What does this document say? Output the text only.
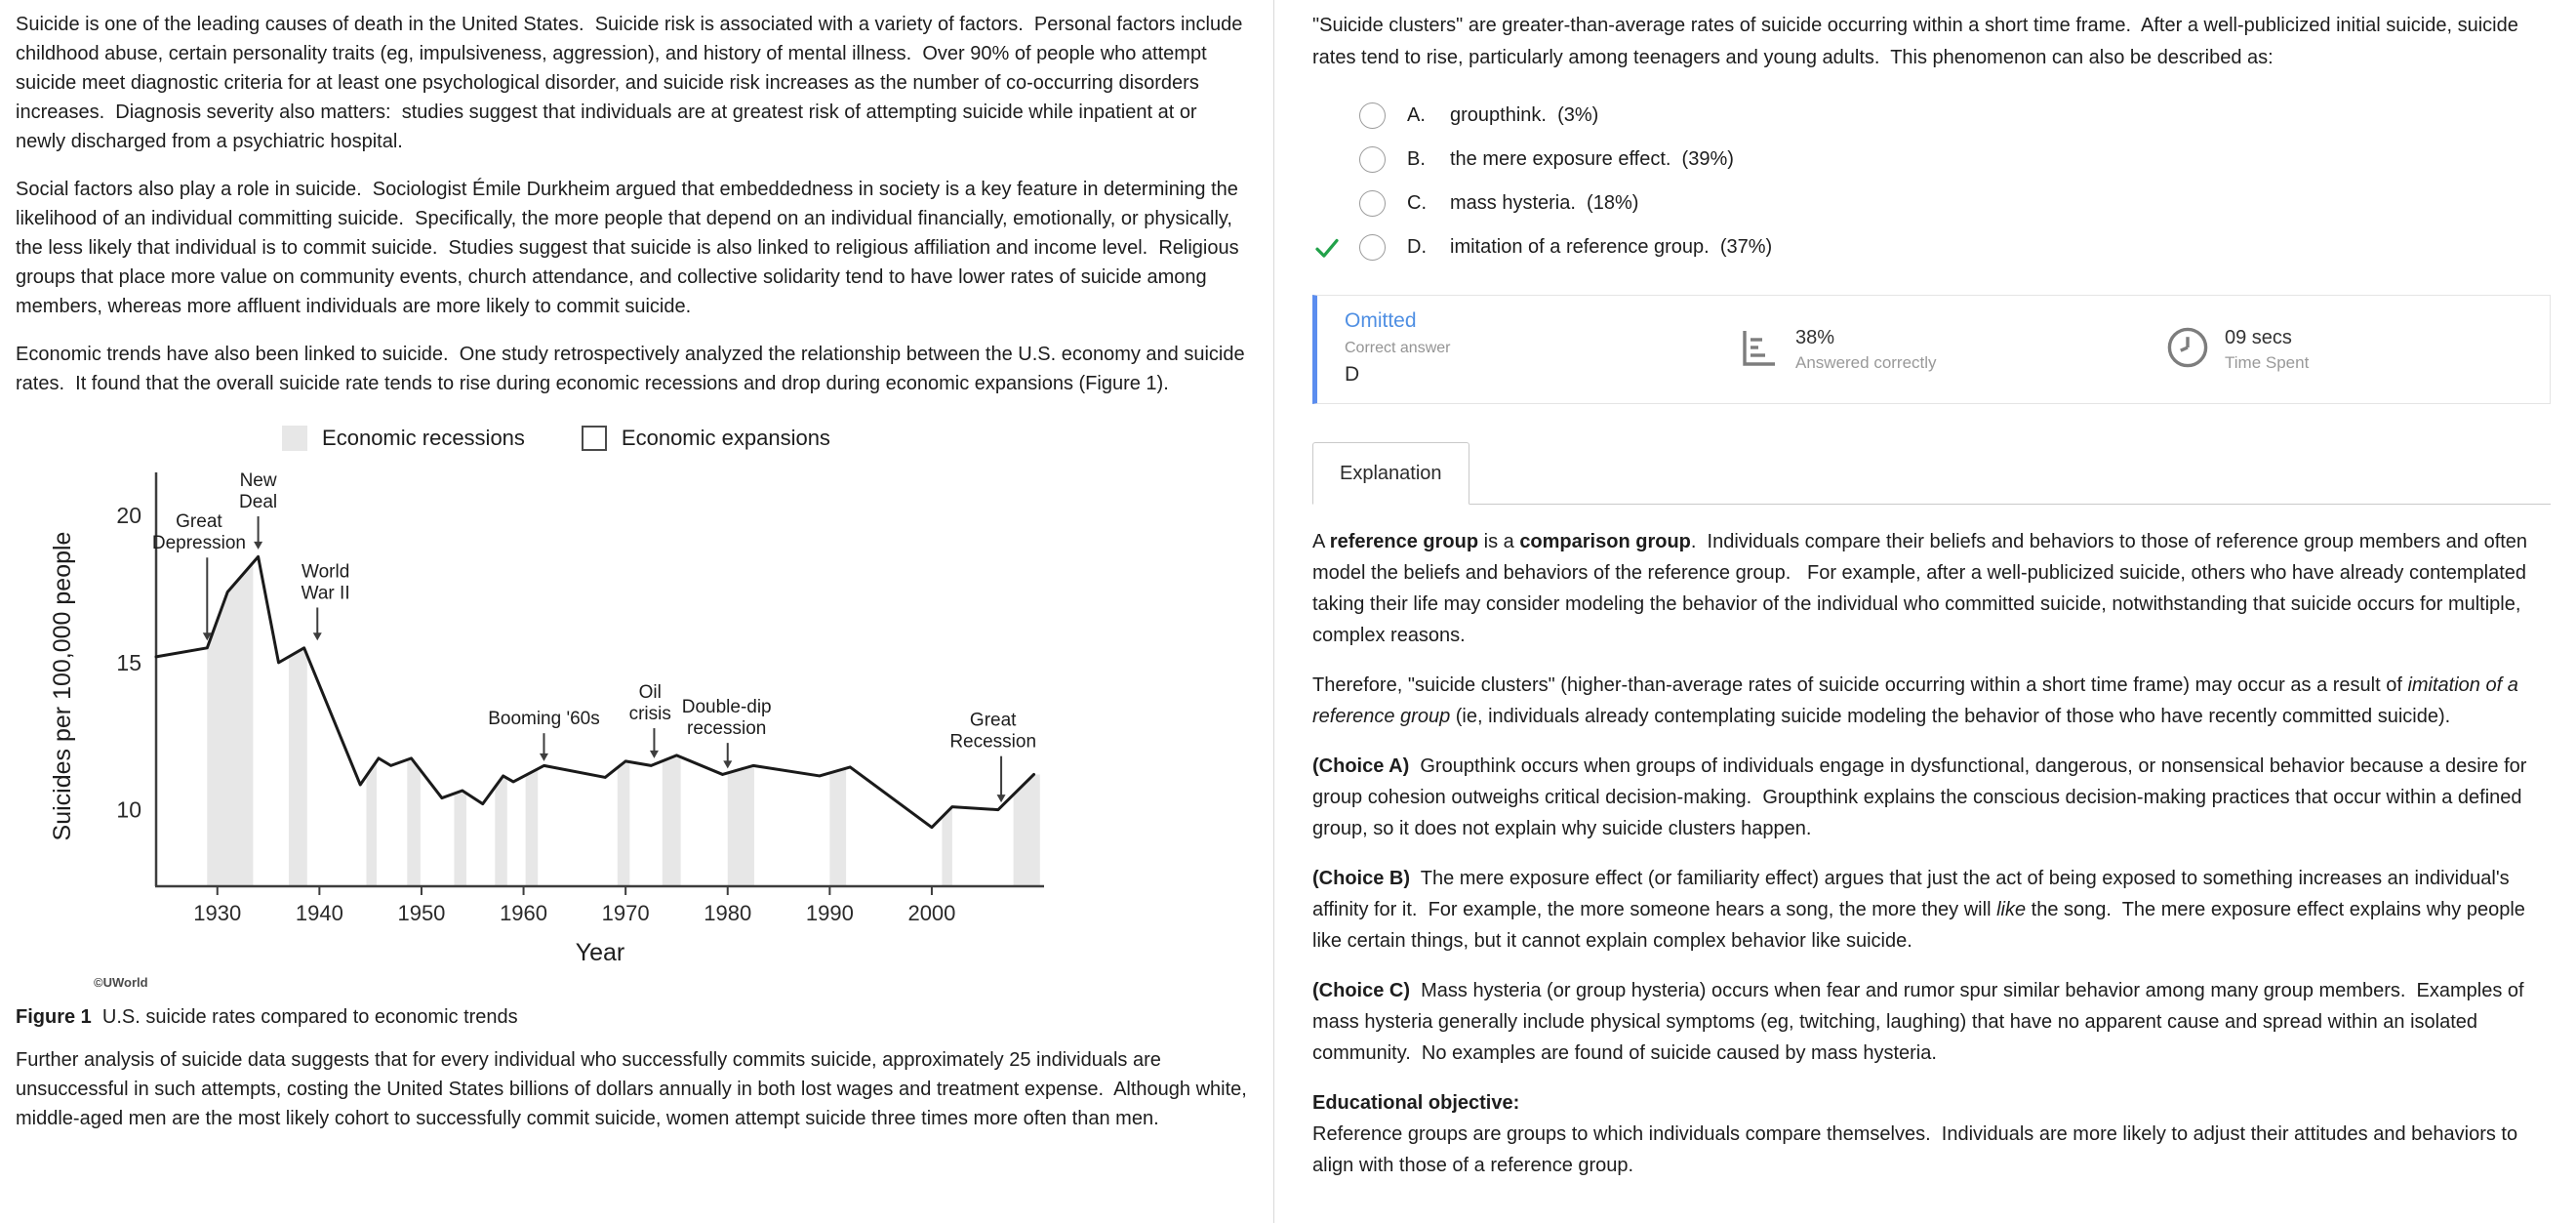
Suicide is one of the leading causes of death in the United States.  Suicide risk is associated with a variety of factors.  Personal factors include childhood abuse, certain personality traits (eg, impulsiveness, aggression), and history of mental illness.  Over 90% of people who attempt suicide meet diagnostic criteria for at least one psychological disorder, and suicide risk increases as the number of co-occurring disorders increases.  Diagnosis severity also matters:  studies suggest that individuals are at greatest risk of attempting suicide while inpatient at or newly discharged from a psychiatric hospital.

Social factors also play a role in suicide.  Sociologist Émile Durkheim argued that embeddedness in society is a key feature in determining the likelihood of an individual committing suicide.  Specifically, the more people that depend on an individual financially, emotionally, or physically, the less likely that individual is to commit suicide.  Studies suggest that suicide is also linked to religious affiliation and income level.  Religious groups that place more value on community events, church attendance, and collective solidarity tend to have lower rates of suicide among members, whereas more affluent individuals are more likely to commit suicide.

Economic trends have also been linked to suicide.  One study retrospectively analyzed the relationship between the U.S. economy and suicide rates.  It found that the overall suicide rate tends to rise during economic recessions and drop during economic expansions (Figure 1).

Economic recessions	Economic expansions
1930	1940	1950	1960	1970	1980	1990	2000
10
15
20 Great
Depression
New
Deal
World
War II
Booming '60s
Oil
crisis Double-dip
recession	Great
Recession
Suicides per 100,000 people
Year
©UWorld

Figure 1  U.S. suicide rates compared to economic trends

Further analysis of suicide data suggests that for every individual who successfully commits suicide, approximately 25 individuals are unsuccessful in such attempts, costing the United States billions of dollars annually in both lost wages and treatment expense.  Although white, middle-aged men are the most likely cohort to successfully commit suicide, women attempt suicide three times more often than men.

"Suicide clusters" are greater-than-average rates of suicide occurring within a short time frame.  After a well-publicized initial suicide, suicide rates tend to rise, particularly among teenagers and young adults.  This phenomenon can also be described as:

A.	groupthink.  (3%)
B.	the mere exposure effect.  (39%)
C.	mass hysteria.  (18%)
D.	imitation of a reference group.  (37%)
Omitted
Correct answer
D
38%
Answered correctly
09 secs
Time Spent
Explanation

A reference group is a comparison group.  Individuals compare their beliefs and behaviors to those of reference group members and often model the beliefs and behaviors of the reference group.   For example, after a well-publicized suicide, others who have already contemplated taking their life may consider modeling the behavior of the individual who committed suicide, notwithstanding that suicide occurs for multiple, complex reasons.

Therefore, "suicide clusters" (higher-than-average rates of suicide occurring within a short time frame) may occur as a result of imitation of a reference group (ie, individuals already contemplating suicide modeling the behavior of those who have recently committed suicide).

(Choice A)  Groupthink occurs when groups of individuals engage in dysfunctional, dangerous, or nonsensical behavior because a desire for group cohesion outweighs critical decision-making.  Groupthink explains the conscious decision-making practices that occur within a defined group, so it does not explain why suicide clusters happen.

(Choice B)  The mere exposure effect (or familiarity effect) argues that just the act of being exposed to something increases an individual's affinity for it.  For example, the more someone hears a song, the more they will like the song.  The mere exposure effect explains why people like certain things, but it cannot explain complex behavior like suicide.

(Choice C)  Mass hysteria (or group hysteria) occurs when fear and rumor spur similar behavior among many group members.  Examples of mass hysteria generally include physical symptoms (eg, twitching, laughing) that have no apparent cause and spread within an isolated community.  No examples are found of suicide caused by mass hysteria.

Educational objective:

Reference groups are groups to which individuals compare themselves.  Individuals are more likely to adjust their attitudes and behaviors to align with those of a reference group.
